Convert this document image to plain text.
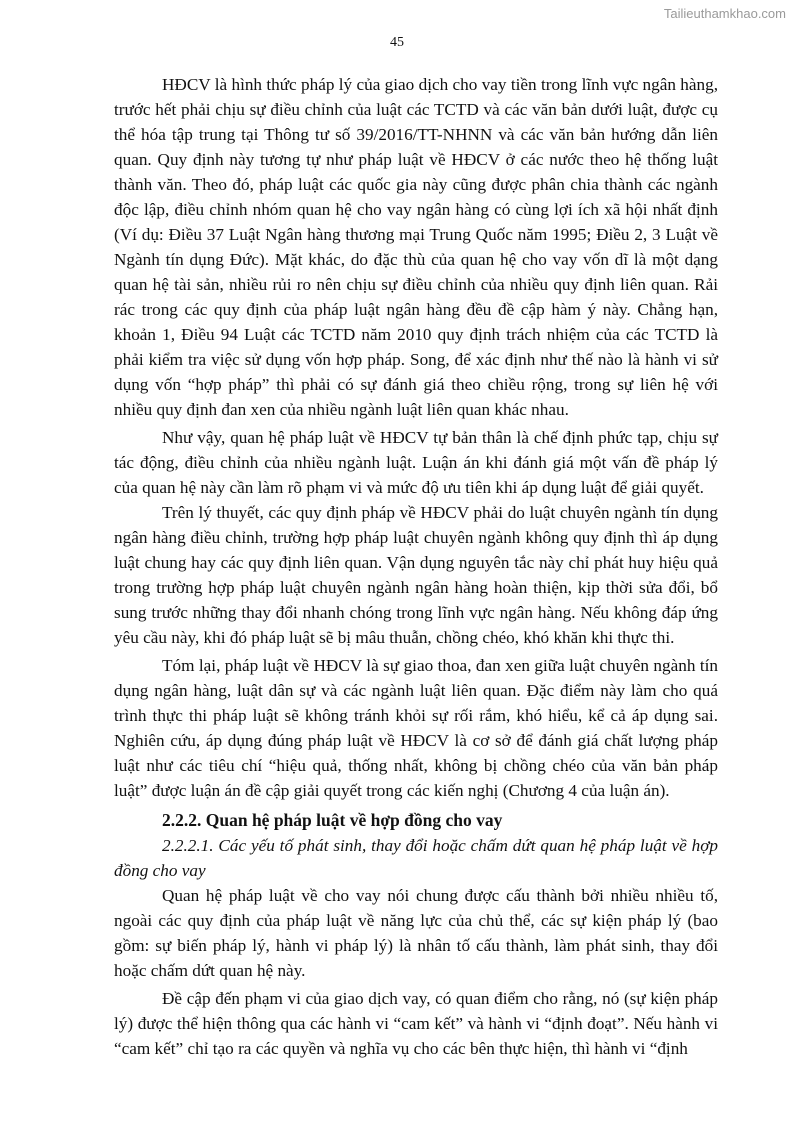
Tailieuthamkhao.com
45

HĐCV là hình thức pháp lý của giao dịch cho vay tiền trong lĩnh vực ngân hàng, trước hết phải chịu sự điều chỉnh của luật các TCTD và các văn bản dưới luật, được cụ thể hóa tập trung tại Thông tư số 39/2016/TT-NHNN và các văn bản hướng dẫn liên quan. Quy định này tương tự như pháp luật về HĐCV ở các nước theo hệ thống luật thành văn. Theo đó, pháp luật các quốc gia này cũng được phân chia thành các ngành độc lập, điều chỉnh nhóm quan hệ cho vay ngân hàng có cùng lợi ích xã hội nhất định (Ví dụ: Điều 37 Luật Ngân hàng thương mại Trung Quốc năm 1995; Điều 2, 3 Luật về Ngành tín dụng Đức). Mặt khác, do đặc thù của quan hệ cho vay vốn dĩ là một dạng quan hệ tài sản, nhiều rủi ro nên chịu sự điều chỉnh của nhiều quy định liên quan. Rải rác trong các quy định của pháp luật ngân hàng đều đề cập hàm ý này. Chẳng hạn, khoản 1, Điều 94 Luật các TCTD năm 2010 quy định trách nhiệm của các TCTD là phải kiểm tra việc sử dụng vốn hợp pháp. Song, để xác định như thế nào là hành vi sử dụng vốn “hợp pháp” thì phải có sự đánh giá theo chiều rộng, trong sự liên hệ với nhiều quy định đan xen của nhiều ngành luật liên quan khác nhau.

Như vậy, quan hệ pháp luật về HĐCV tự bản thân là chế định phức tạp, chịu sự tác động, điều chỉnh của nhiều ngành luật. Luận án khi đánh giá một vấn đề pháp lý của quan hệ này cần làm rõ phạm vi và mức độ ưu tiên khi áp dụng luật để giải quyết.

Trên lý thuyết, các quy định pháp về HĐCV phải do luật chuyên ngành tín dụng ngân hàng điều chỉnh, trường hợp pháp luật chuyên ngành không quy định thì áp dụng luật chung hay các quy định liên quan. Vận dụng nguyên tắc này chỉ phát huy hiệu quả trong trường hợp pháp luật chuyên ngành ngân hàng hoàn thiện, kịp thời sửa đổi, bổ sung trước những thay đổi nhanh chóng trong lĩnh vực ngân hàng. Nếu không đáp ứng yêu cầu này, khi đó pháp luật sẽ bị mâu thuẫn, chồng chéo, khó khăn khi thực thi.

Tóm lại, pháp luật về HĐCV là sự giao thoa, đan xen giữa luật chuyên ngành tín dụng ngân hàng, luật dân sự và các ngành luật liên quan. Đặc điểm này làm cho quá trình thực thi pháp luật sẽ không tránh khỏi sự rối rắm, khó hiểu, kể cả áp dụng sai. Nghiên cứu, áp dụng đúng pháp luật về HĐCV là cơ sở để đánh giá chất lượng pháp luật như các tiêu chí “hiệu quả, thống nhất, không bị chồng chéo của văn bản pháp luật” được luận án đề cập giải quyết trong các kiến nghị (Chương 4 của luận án).

2.2.2. Quan hệ pháp luật về hợp đồng cho vay

2.2.2.1. Các yếu tố phát sinh, thay đổi hoặc chấm dứt quan hệ pháp luật về hợp đồng cho vay

Quan hệ pháp luật về cho vay nói chung được cấu thành bởi nhiều nhiều tố, ngoài các quy định của pháp luật về năng lực của chủ thể, các sự kiện pháp lý (bao gồm: sự biến pháp lý, hành vi pháp lý) là nhân tố cấu thành, làm phát sinh, thay đổi hoặc chấm dứt quan hệ này.

Đề cập đến phạm vi của giao dịch vay, có quan điểm cho rằng, nó (sự kiện pháp lý) được thể hiện thông qua các hành vi “cam kết” và hành vi “định đoạt”. Nếu hành vi “cam kết” chỉ tạo ra các quyền và nghĩa vụ cho các bên thực hiện, thì hành vi “định
